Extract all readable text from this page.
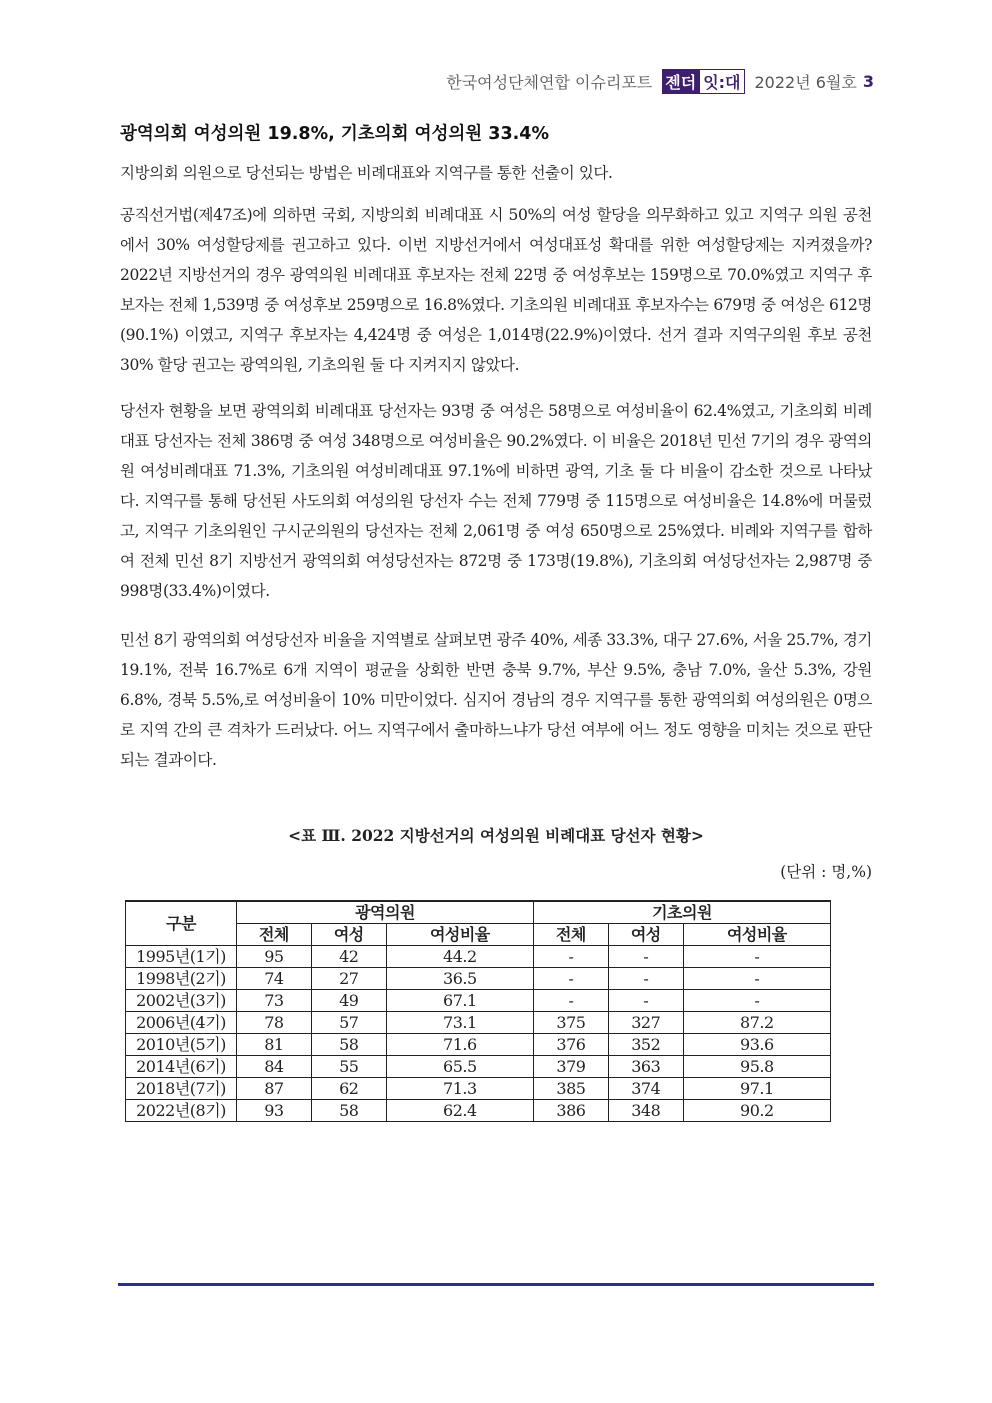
한국여성단체연합 이슈리포트 젠더 잇:대 2022년 6월호 3
광역의회 여성의원 19.8%, 기초의회 여성의원 33.4%

지방의회 의원으로 당선되는 방법은 비례대표와 지역구를 통한 선출이 있다.

공직선거법(제47조)에 의하면 국회, 지방의회 비례대표 시 50%의 여성 할당을 의무화하고 있고 지역구 의원 공천에서 30% 여성할당제를 권고하고 있다. 이번 지방선거에서 여성대표성 확대를 위한 여성할당제는 지켜졌을까? 2022년 지방선거의 경우 광역의원 비례대표 후보자는 전체 22명 중 여성후보는 159명으로 70.0%였고 지역구 후보자는 전체 1,539명 중 여성후보 259명으로 16.8%였다. 기초의원 비례대표 후보자수는 679명 중 여성은 612명(90.1%) 이였고, 지역구 후보자는 4,424명 중 여성은 1,014명(22.9%)이였다. 선거 결과 지역구의원 후보 공천 30% 할당 권고는 광역의원, 기초의원 둘 다 지켜지지 않았다.

당선자 현황을 보면 광역의회 비례대표 당선자는 93명 중 여성은 58명으로 여성비율이 62.4%였고, 기초의회 비례대표 당선자는 전체 386명 중 여성 348명으로 여성비율은 90.2%였다. 이 비율은 2018년 민선 7기의 경우 광역의원 여성비례대표 71.3%, 기초의원 여성비례대표 97.1%에 비하면 광역, 기초 둘 다 비율이 감소한 것으로 나타났다. 지역구를 통해 당선된 사도의회 여성의원 당선자 수는 전체 779명 중 115명으로 여성비율은 14.8%에 머물렀고, 지역구 기초의원인 구시군의원의 당선자는 전체 2,061명 중 여성 650명으로 25%였다. 비례와 지역구를 합하여 전체 민선 8기 지방선거 광역의회 여성당선자는 872명 중 173명(19.8%), 기초의회 여성당선자는 2,987명 중 998명(33.4%)이였다.

민선 8기 광역의회 여성당선자 비율을 지역별로 살펴보면 광주 40%, 세종 33.3%, 대구 27.6%, 서울 25.7%, 경기 19.1%, 전북 16.7%로 6개 지역이 평균을 상회한 반면 충북 9.7%, 부산 9.5%, 충남 7.0%, 울산 5.3%, 강원 6.8%, 경북 5.5%,로 여성비율이 10% 미만이었다. 심지어 경남의 경우 지역구를 통한 광역의회 여성의원은 0명으로 지역 간의 큰 격차가 드러났다. 어느 지역구에서 출마하느냐가 당선 여부에 어느 정도 영향을 미치는 것으로 판단되는 결과이다.

<표 Ⅲ. 2022 지방선거의 여성의원 비례대표 당선자 현황>
(단위 : 명,%)
구분	광역의원			기초의원		
	전체	여성	여성비율	전체	여성	여성비율
1995년(1기)	95	42	44.2	-	-	-
1998년(2기)	74	27	36.5	-	-	-
2002년(3기)	73	49	67.1	-	-	-
2006년(4기)	78	57	73.1	375	327	87.2
2010년(5기)	81	58	71.6	376	352	93.6
2014년(6기)	84	55	65.5	379	363	95.8
2018년(7기)	87	62	71.3	385	374	97.1
2022년(8기)	93	58	62.4	386	348	90.2
